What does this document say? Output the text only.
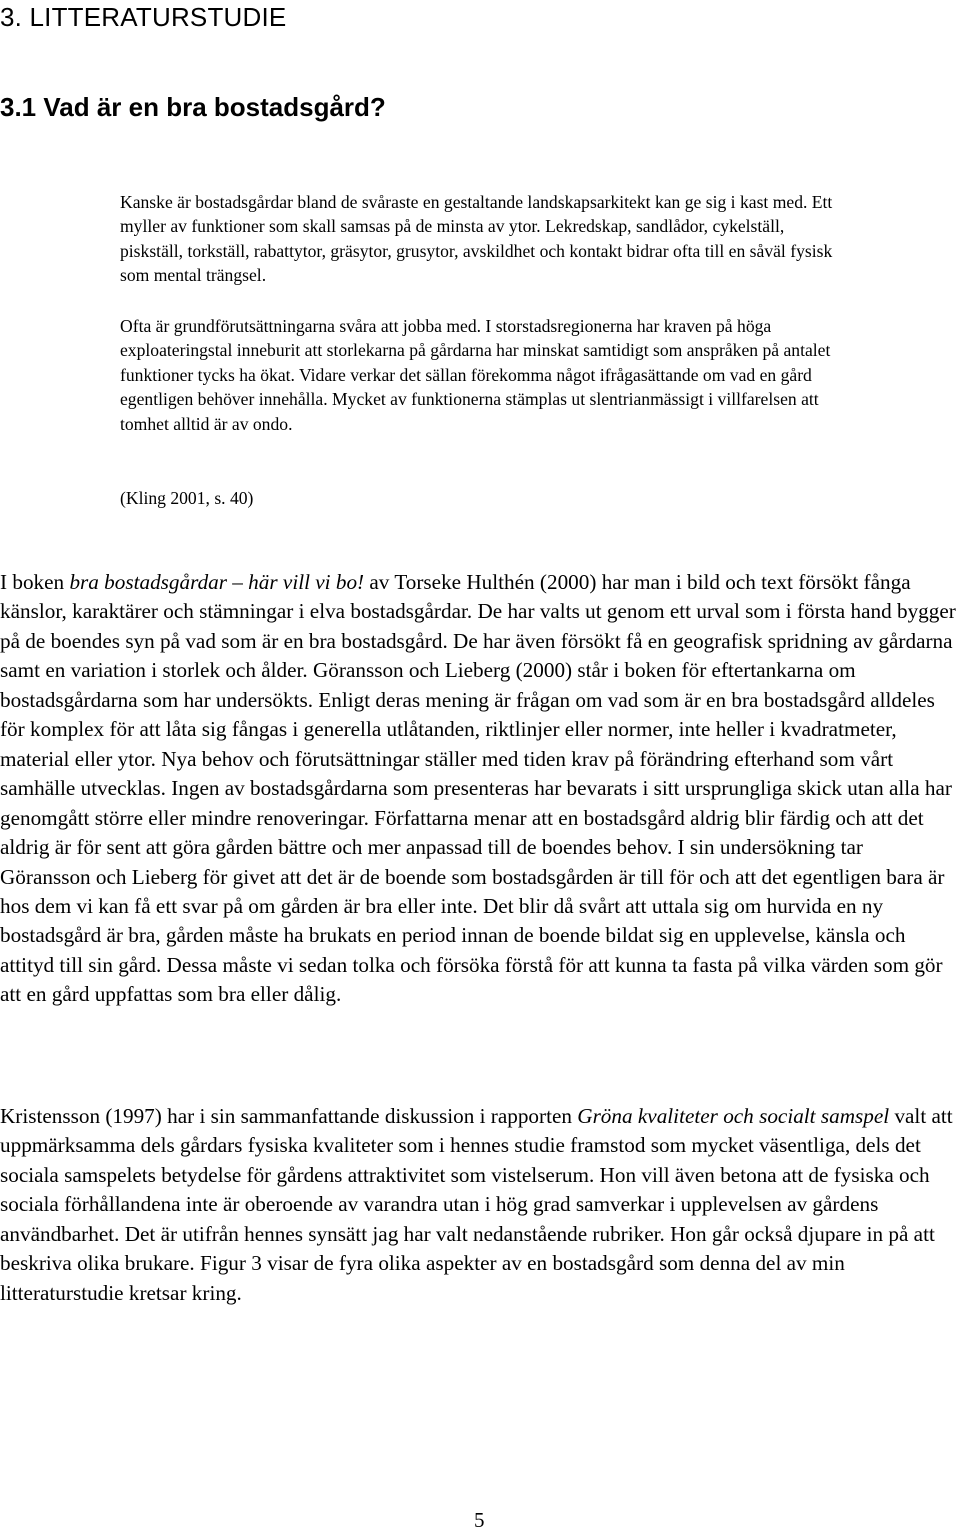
3. LITTERATURSTUDIE
3.1 Vad är en bra bostadsgård?

Kanske är bostadsgårdar bland de svåraste en gestaltande landskapsarkitekt kan ge sig i kast med. Ett myller av funktioner som skall samsas på de minsta av ytor. Lekredskap, sandlådor, cykelställ, piskställ, torkställ, rabattytor, gräsytor, grusytor, avskildhet och kontakt bidrar ofta till en såväl fysisk som mental trängsel.

Ofta är grundförutsättningarna svåra att jobba med. I storstadsregionerna har kraven på höga exploateringstal inneburit att storlekarna på gårdarna har minskat samtidigt som anspråken på antalet funktioner tycks ha ökat. Vidare verkar det sällan förekomma något ifrågasättande om vad en gård egentligen behöver innehålla. Mycket av funktionerna stämplas ut slentrianmässigt i villfarelsen att tomhet alltid är av ondo.

(Kling 2001, s. 40)

I boken bra bostadsgårdar – här vill vi bo! av Torseke Hulthén (2000) har man i bild och text försökt fånga känslor, karaktärer och stämningar i elva bostadsgårdar. De har valts ut genom ett urval som i första hand bygger på de boendes syn på vad som är en bra bostadsgård. De har även försökt få en geografisk spridning av gårdarna samt en variation i storlek och ålder. Göransson och Lieberg (2000) står i boken för eftertankarna om bostadsgårdarna som har undersökts. Enligt deras mening är frågan om vad som är en bra bostadsgård alldeles för komplex för att låta sig fångas i generella utlåtanden, riktlinjer eller normer, inte heller i kvadratmeter, material eller ytor. Nya behov och förutsättningar ställer med tiden krav på förändring efterhand som vårt samhälle utvecklas. Ingen av bostadsgårdarna som presenteras har bevarats i sitt ursprungliga skick utan alla har genomgått större eller mindre renoveringar. Författarna menar att en bostadsgård aldrig blir färdig och att det aldrig är för sent att göra gården bättre och mer anpassad till de boendes behov. I sin undersökning tar Göransson och Lieberg för givet att det är de boende som bostadsgården är till för och att det egentligen bara är hos dem vi kan få ett svar på om gården är bra eller inte. Det blir då svårt att uttala sig om hurvida en ny bostadsgård är bra, gården måste ha brukats en period innan de boende bildat sig en upplevelse, känsla och attityd till sin gård. Dessa måste vi sedan tolka och försöka förstå för att kunna ta fasta på vilka värden som gör att en gård uppfattas som bra eller dålig.

Kristensson (1997) har i sin sammanfattande diskussion i rapporten Gröna kvaliteter och socialt samspel valt att uppmärksamma dels gårdars fysiska kvaliteter som i hennes studie framstod som mycket väsentliga, dels det sociala samspelets betydelse för gårdens attraktivitet som vistelserum. Hon vill även betona att de fysiska och sociala förhållandena inte är oberoende av varandra utan i hög grad samverkar i upplevelsen av gårdens användbarhet. Det är utifrån hennes synsätt jag har valt nedanstående rubriker. Hon går också djupare in på att beskriva olika brukare. Figur 3 visar de fyra olika aspekter av en bostadsgård som denna del av min litteraturstudie kretsar kring.

5
